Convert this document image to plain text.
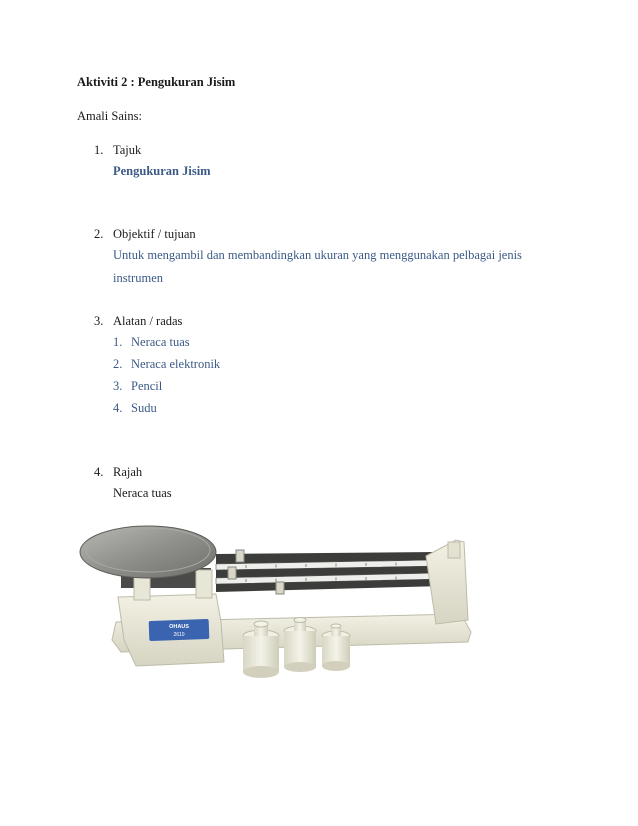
Aktiviti 2 : Pengukuran Jisim
Amali Sains:
1. Tajuk
Pengukuran Jisim
2. Objektif / tujuan
Untuk mengambil dan membandingkan ukuran yang menggunakan pelbagai jenis
instrumen
3. Alatan / radas
1. Neraca tuas
2. Neraca elektronik
3. Pencil
4. Sudu
4. Rajah
Neraca tuas
OHAUS
2610
